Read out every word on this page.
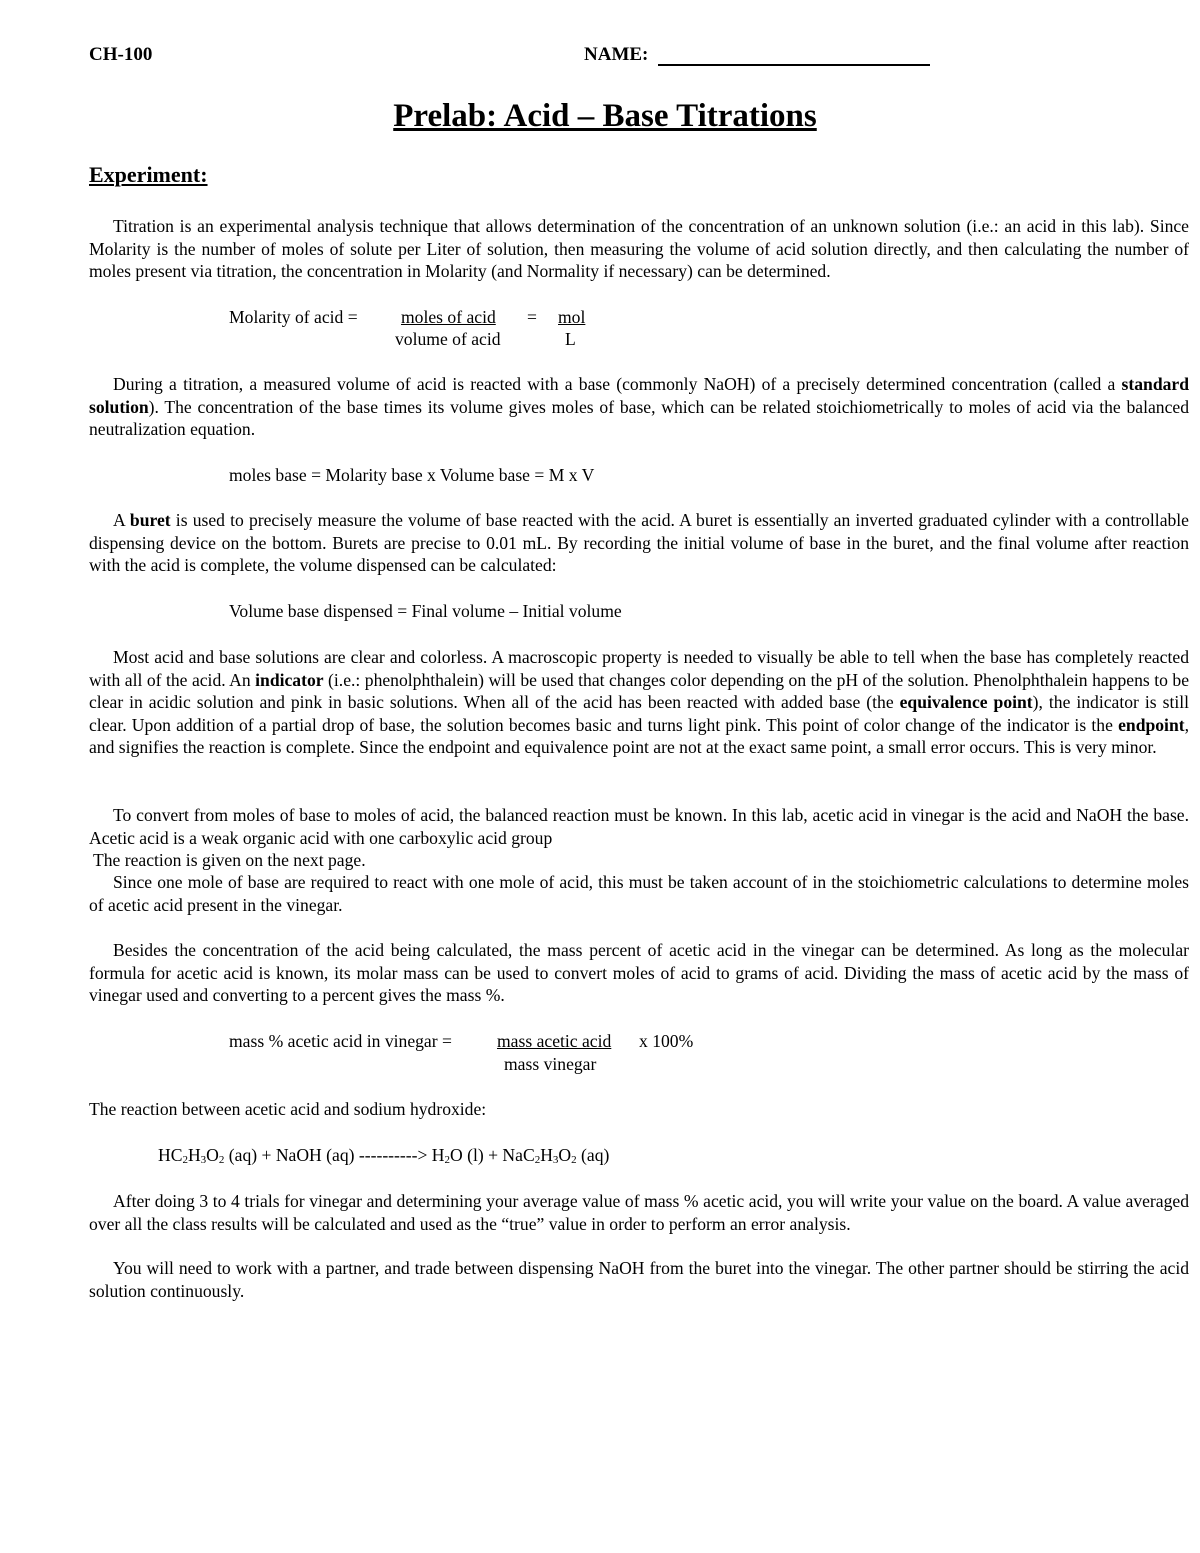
CH-100	NAME:
Prelab: Acid – Base Titrations
Experiment:
Titration is an experimental analysis technique that allows determination of the concentration of an unknown solution (i.e.: an acid in this lab). Since Molarity is the number of moles of solute per Liter of solution, then measuring the volume of acid solution directly, and then calculating the number of moles present via titration, the concentration in Molarity (and Normality if necessary) can be determined.
Molarity of acid = moles of acid = mol
volume of acid	L
During a titration, a measured volume of acid is reacted with a base (commonly NaOH) of a precisely determined concentration (called a standard solution). The concentration of the base times its volume gives moles of base, which can be related stoichiometrically to moles of acid via the balanced neutralization equation.
moles base = Molarity base x Volume base = M x V
A buret is used to precisely measure the volume of base reacted with the acid. A buret is essentially an inverted graduated cylinder with a controllable dispensing device on the bottom. Burets are precise to 0.01 mL. By recording the initial volume of base in the buret, and the final volume after reaction with the acid is complete, the volume dispensed can be calculated:
Volume base dispensed = Final volume – Initial volume
Most acid and base solutions are clear and colorless. A macroscopic property is needed to visually be able to tell when the base has completely reacted with all of the acid. An indicator (i.e.: phenolphthalein) will be used that changes color depending on the pH of the solution. Phenolphthalein happens to be clear in acidic solution and pink in basic solutions. When all of the acid has been reacted with added base (the equivalence point), the indicator is still clear. Upon addition of a partial drop of base, the solution becomes basic and turns light pink. This point of color change of the indicator is the endpoint, and signifies the reaction is complete. Since the endpoint and equivalence point are not at the exact same point, a small error occurs. This is very minor.
To convert from moles of base to moles of acid, the balanced reaction must be known. In this lab, acetic acid in vinegar is the acid and NaOH the base. Acetic acid is a weak organic acid with one carboxylic acid group
The reaction is given on the next page.
Since one mole of base are required to react with one mole of acid, this must be taken account of in the stoichiometric calculations to determine moles of acetic acid present in the vinegar.
Besides the concentration of the acid being calculated, the mass percent of acetic acid in the vinegar can be determined. As long as the molecular formula for acetic acid is known, its molar mass can be used to convert moles of acid to grams of acid. Dividing the mass of acetic acid by the mass of vinegar used and converting to a percent gives the mass %.
mass % acetic acid in vinegar =	mass acetic acid x 100%
mass vinegar
The reaction between acetic acid and sodium hydroxide:
$HC_2H_3O_2$ (aq) + NaOH (aq) ----------> $H_2O$ $(l) + NaC_2H_3O_2$ (aq)
After doing 3 to 4 trials for vinegar and determining your average value of mass % acetic acid, you will write your value on the board. A value averaged over all the class results will be calculated and used as the “true” value in order to perform an error analysis.
You will need to work with a partner, and trade between dispensing NaOH from the buret into the vinegar. The other partner should be stirring the acid solution continuously.
